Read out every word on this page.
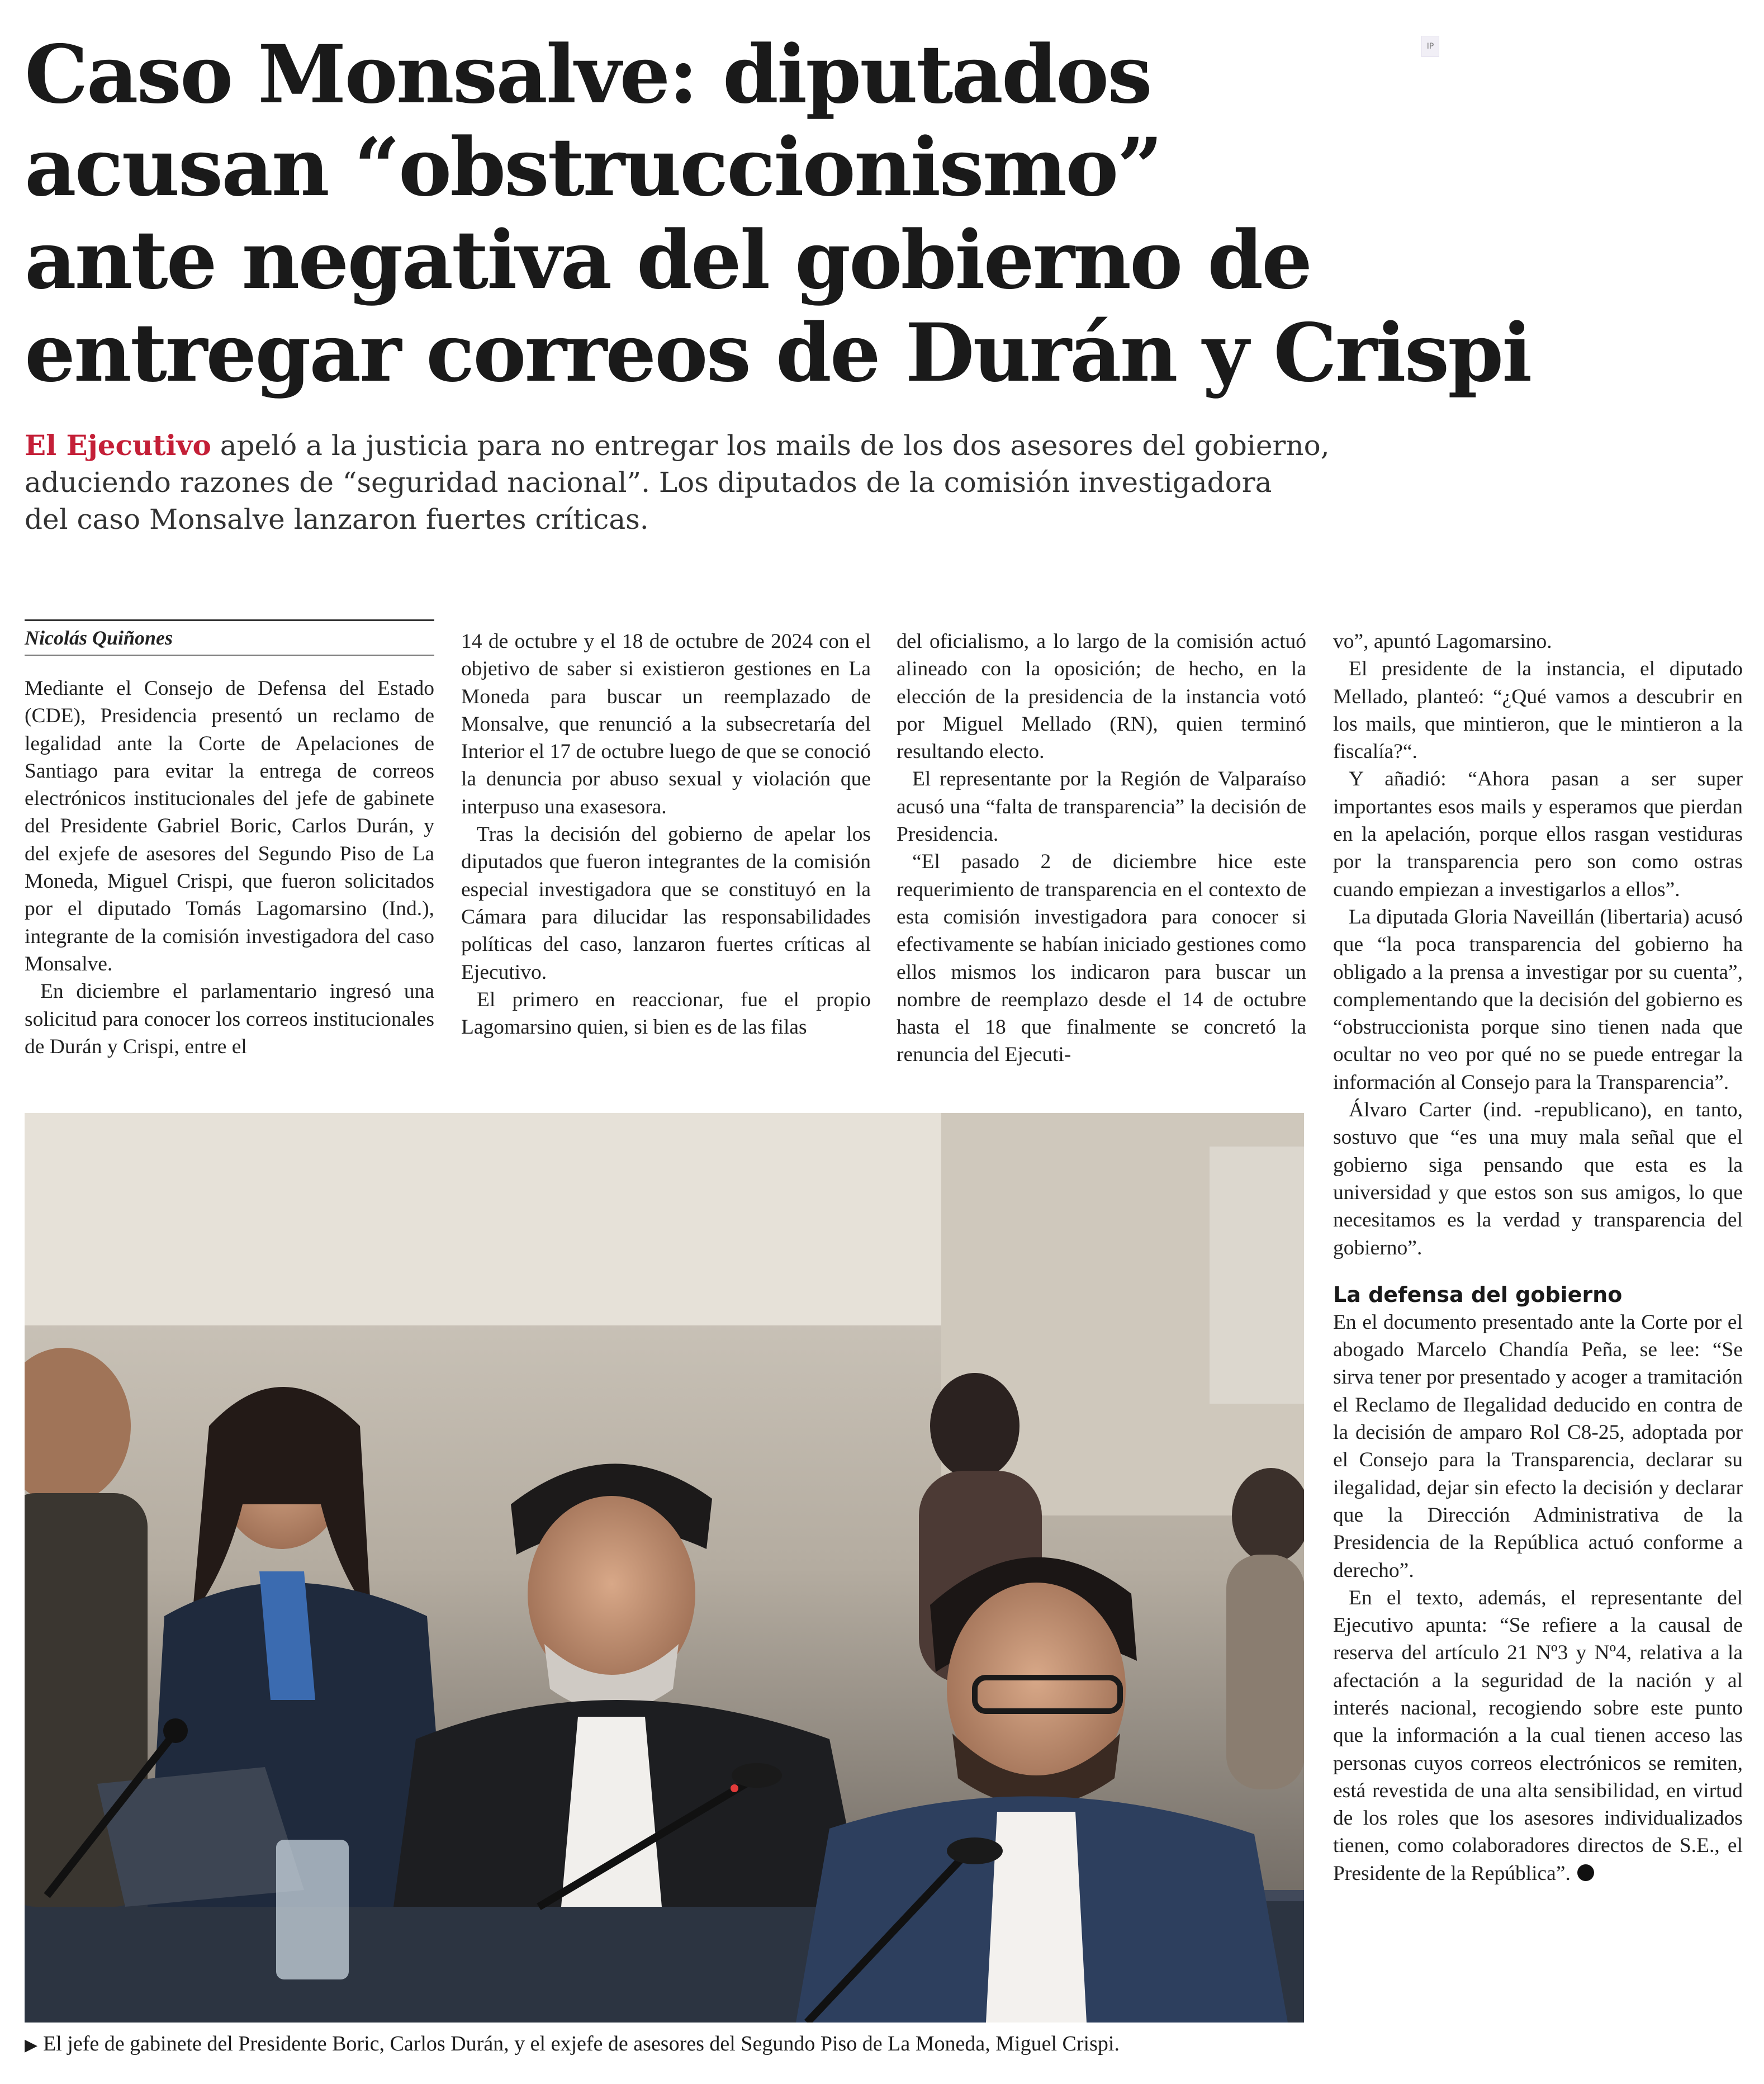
Caso Monsalve: diputados
acusan “obstruccionismo”
ante negativa del gobierno de
entregar correos de Durán y Crispi
IP

El Ejecutivo apeló a la justicia para no entregar los mails de los dos asesores del gobierno,
aduciendo razones de “seguridad nacional”. Los diputados de la comisión investigadora
del caso Monsalve lanzaron fuertes críticas.

Nicolás Quiñones

Mediante el Consejo de Defensa del Estado (CDE), Presidencia presentó un reclamo de legalidad ante la Corte de Apelaciones de Santiago para evitar la entrega de correos electrónicos institucionales del jefe de gabinete del Presidente Gabriel Boric, Carlos Durán, y del exjefe de asesores del Segundo Piso de La Moneda, Miguel Crispi, que fueron solicitados por el diputado Tomás Lagomarsino (Ind.), integrante de la comisión investigadora del caso Monsalve.

En diciembre el parlamentario ingresó una solicitud para conocer los correos institucionales de Durán y Crispi, entre el

14 de octubre y el 18 de octubre de 2024 con el objetivo de saber si existieron gestiones en La Moneda para buscar un reemplazado de Monsalve, que renunció a la subsecretaría del Interior el 17 de octubre luego de que se conoció la denuncia por abuso sexual y violación que interpuso una exasesora.

Tras la decisión del gobierno de apelar los diputados que fueron integrantes de la comisión especial investigadora que se constituyó en la Cámara para dilucidar las responsabilidades políticas del caso, lanzaron fuertes críticas al Ejecutivo.

El primero en reaccionar, fue el propio Lagomarsino quien, si bien es de las filas

del oficialismo, a lo largo de la comisión actuó alineado con la oposición; de hecho, en la elección de la presidencia de la instancia votó por Miguel Mellado (RN), quien terminó resultando electo.

El representante por la Región de Valparaíso acusó una “falta de transparencia” la decisión de Presidencia.

“El pasado 2 de diciembre hice este requerimiento de transparencia en el contexto de esta comisión investigadora para conocer si efectivamente se habían iniciado gestiones como ellos mismos los indicaron para buscar un nombre de reemplazo desde el 14 de octubre hasta el 18 que finalmente se concretó la renuncia del Ejecuti-

vo”, apuntó Lagomarsino.

El presidente de la instancia, el diputado Mellado, planteó: “¿Qué vamos a descubrir en los mails, que mintieron, que le mintieron a la fiscalía?“.

Y añadió: “Ahora pasan a ser super importantes esos mails y esperamos que pierdan en la apelación, porque ellos rasgan vestiduras por la transparencia pero son como ostras cuando empiezan a investigarlos a ellos”.

La diputada Gloria Naveillán (libertaria) acusó que “la poca transparencia del gobierno ha obligado a la prensa a investigar por su cuenta”, complementando que la decisión del gobierno es “obstruccionista porque sino tienen nada que ocultar no veo por qué no se puede entregar la información al Consejo para la Transparencia”.

Álvaro Carter (ind. -republicano), en tanto, sostuvo que “es una muy mala señal que el gobierno siga pensando que esta es la universidad y que estos son sus amigos, lo que necesitamos es la verdad y transparencia del gobierno”.

La defensa del gobierno

En el documento presentado ante la Corte por el abogado Marcelo Chandía Peña, se lee: “Se sirva tener por presentado y acoger a tramitación el Reclamo de Ilegalidad deducido en contra de la decisión de amparo Rol C8-25, adoptada por el Consejo para la Transparencia, declarar su ilegalidad, dejar sin efecto la decisión y declarar que la Dirección Administrativa de la Presidencia de la República actuó conforme a derecho”.

En el texto, además, el representante del Ejecutivo apunta: “Se refiere a la causal de reserva del artículo 21 Nº3 y Nº4, relativa a la afectación a la seguridad de la nación y al interés nacional, recogiendo sobre este punto que la información a la cual tienen acceso las personas cuyos correos electrónicos se remiten, está revestida de una alta sensibilidad, en virtud de los roles que los asesores individualizados tienen, como colaboradores directos de S.E., el Presidente de la República”.

▶ El jefe de gabinete del Presidente Boric, Carlos Durán, y el exjefe de asesores del Segundo Piso de La Moneda, Miguel Crispi.
